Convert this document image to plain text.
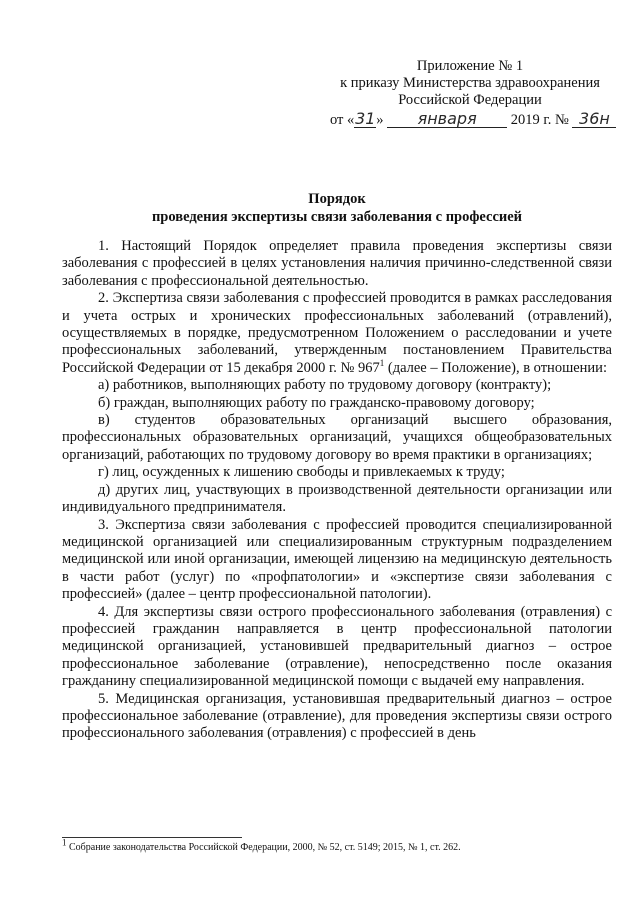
Приложение № 1
к приказу Министерства здравоохранения
Российской Федерации
от «31» января 2019 г. № 36н
Порядок
проведения экспертизы связи заболевания с профессией

1. Настоящий Порядок определяет правила проведения экспертизы связи заболевания с профессией в целях установления наличия причинно-следственной связи заболевания с профессиональной деятельностью.

2. Экспертиза связи заболевания с профессией проводится в рамках расследования и учета острых и хронических профессиональных заболеваний (отравлений), осуществляемых в порядке, предусмотренном Положением о расследовании и учете профессиональных заболеваний, утвержденным постановлением Правительства Российской Федерации от 15 декабря 2000 г. № $967^1$ (далее – Положение), в отношении:

а) работников, выполняющих работу по трудовому договору (контракту);

б) граждан, выполняющих работу по гражданско-правовому договору;

в) студентов образовательных организаций высшего образования, профессиональных образовательных организаций, учащихся общеобразовательных организаций, работающих по трудовому договору во время практики в организациях;

г) лиц, осужденных к лишению свободы и привлекаемых к труду;

д) других лиц, участвующих в производственной деятельности организации или индивидуального предпринимателя.

3. Экспертиза связи заболевания с профессией проводится специализированной медицинской организацией или специализированным структурным подразделением медицинской или иной организации, имеющей лицензию на медицинскую деятельность в части работ (услуг) по «профпатологии» и «экспертизе связи заболевания с профессией» (далее – центр профессиональной патологии).

4. Для экспертизы связи острого профессионального заболевания (отравления) с профессией гражданин направляется в центр профессиональной патологии медицинской организацией, установившей предварительный диагноз – острое профессиональное заболевание (отравление), непосредственно после оказания гражданину специализированной медицинской помощи с выдачей ему направления.

5. Медицинская организация, установившая предварительный диагноз – острое профессиональное заболевание (отравление), для проведения экспертизы связи острого профессионального заболевания (отравления) с профессией в день

$^1$ Собрание законодательства Российской Федерации, 2000, № 52, ст. 5149; 2015, № 1, ст. 262.
